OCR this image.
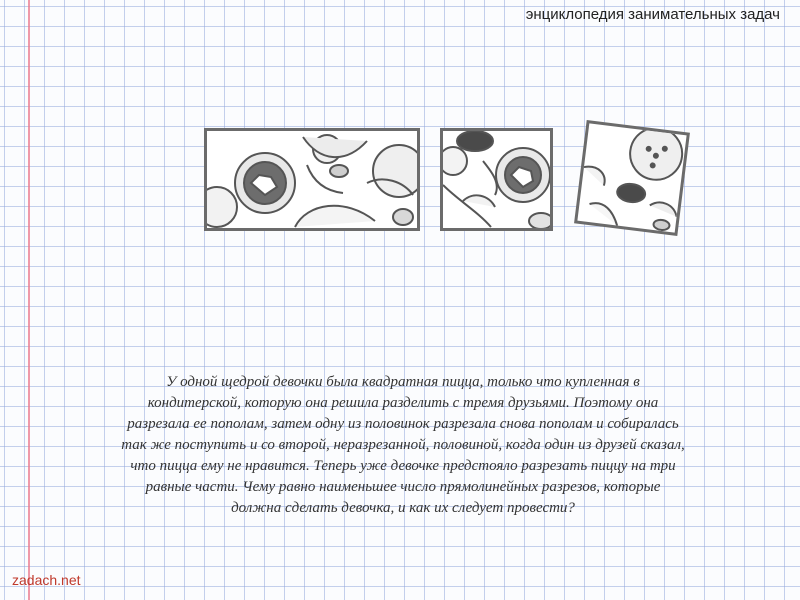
энциклопедия занимательных задач
У одной щедрой девочки была квадратная пицца, только что купленная в кондитерской, которую она решила разделить с тремя друзьями. Поэтому она разрезала ее пополам, затем одну из половинок разрезала снова пополам и собиралась так же поступить и со второй, неразрезанной, половиной, когда один из друзей сказал, что пицца ему не нравится. Теперь уже девочке предстояло разрезать пиццу на три равные части. Чему равно наименьшее число прямолинейных разрезов, которые должна сделать девочка, и как их следует провести?
zadach.net
